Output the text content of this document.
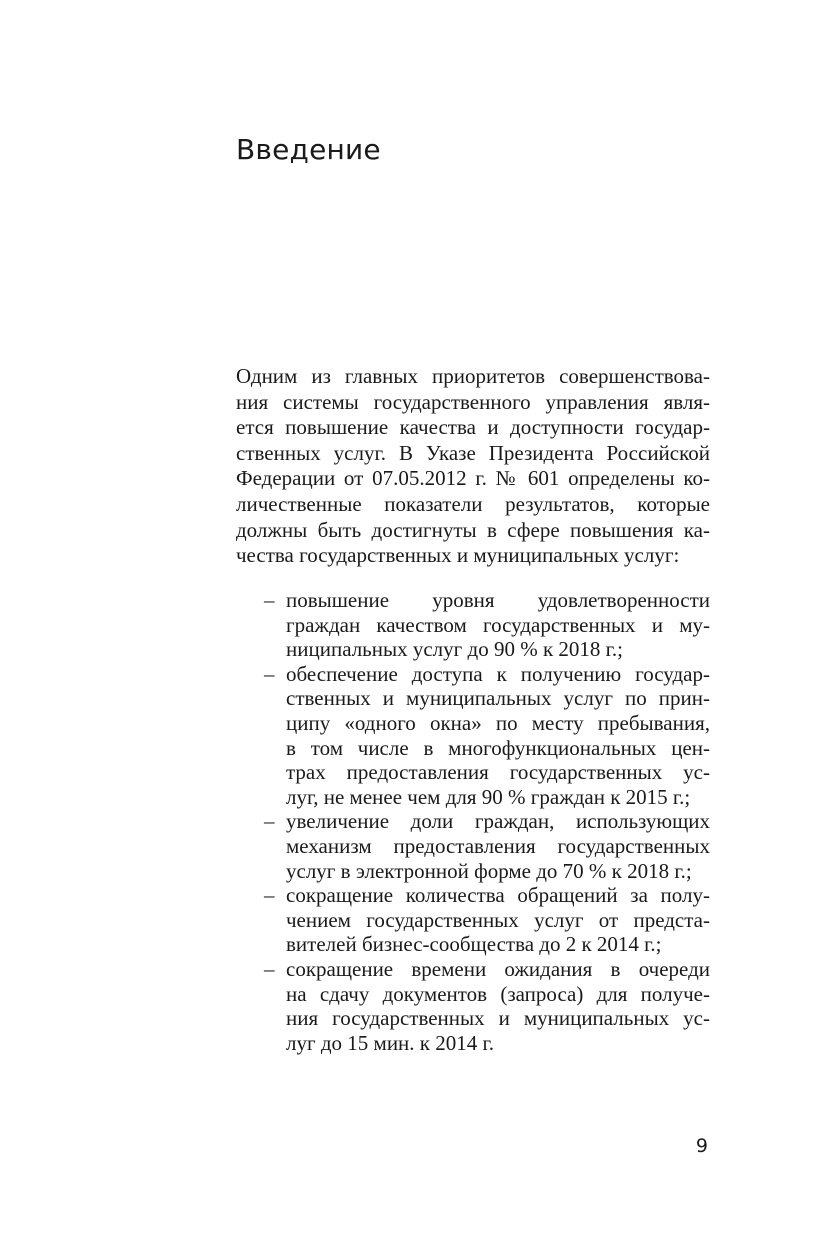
Введение
Одним из главных приоритетов совершенствова-
ния системы государственного управления явля-
ется повышение качества и доступности государ-
ственных услуг. В Указе Президента Российской
Федерации от 07.05.2012 г. № 601 определены ко-
личественные показатели результатов, которые
должны быть достигнуты в сфере повышения ка-
чества государственных и муниципальных услуг:
– повышение уровня удовлетворенности
граждан качеством государственных и му-
ниципальных услуг до 90 % к 2018 г.;
– обеспечение доступа к получению государ-
ственных и муниципальных услуг по прин-
ципу «одного окна» по месту пребывания,
в том числе в многофункциональных цен-
трах предоставления государственных ус-
луг, не менее чем для 90 % граждан к 2015 г.;
– увеличение доли граждан, использующих
механизм предоставления государственных
услуг в электронной форме до 70 % к 2018 г.;
– сокращение количества обращений за полу-
чением государственных услуг от предста-
вителей бизнес-сообщества до 2 к 2014 г.;
– сокращение времени ожидания в очереди
на сдачу документов (запроса) для получе-
ния государственных и муниципальных ус-
луг до 15 мин. к 2014 г.
9
